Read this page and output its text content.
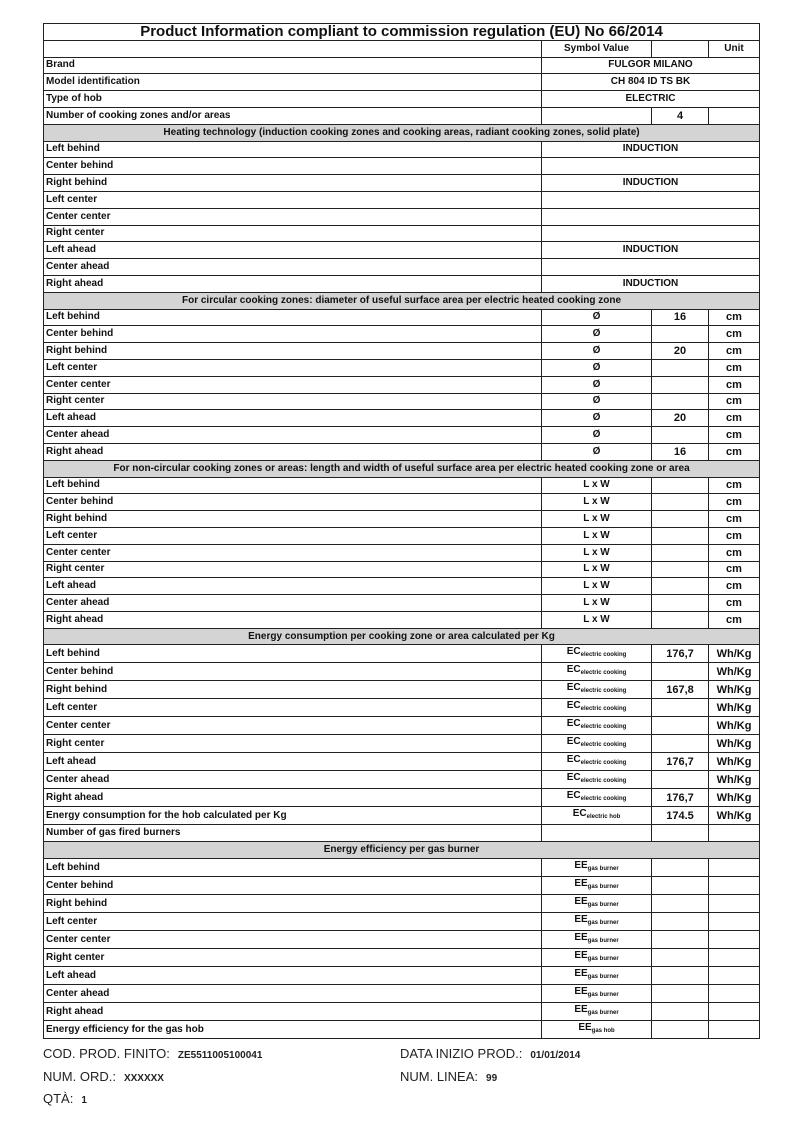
Product Information compliant to commission regulation (EU) No 66/2014			
	Symbol Value		Unit
Brand	FULGOR MILANO		
Model identification	CH 804 ID TS BK		
Type of hob	ELECTRIC		
Number of cooking zones and/or areas		4	
Heating technology (induction cooking zones and cooking areas, radiant cooking zones, solid plate)			
Left behind	INDUCTION		
Center behind			
Right behind	INDUCTION		
Left center			
Center center			
Right center			
Left ahead	INDUCTION		
Center ahead			
Right ahead	INDUCTION		
For circular cooking zones: diameter of useful surface area per electric heated cooking zone			
Left behind	Ø	16	cm
Center behind	Ø		cm
Right behind	Ø	20	cm
Left center	Ø		cm
Center center	Ø		cm
Right center	Ø		cm
Left ahead	Ø	20	cm
Center ahead	Ø		cm
Right ahead	Ø	16	cm
For non-circular cooking zones or areas: length and width of useful surface area per electric heated cooking zone or area			
Left behind	L x W		cm
Center behind	L x W		cm
Right behind	L x W		cm
Left center	L x W		cm
Center center	L x W		cm
Right center	L x W		cm
Left ahead	L x W		cm
Center ahead	L x W		cm
Right ahead	L x W		cm
Energy consumption per cooking zone or area calculated per Kg			
Left behind	$EC_{electric cooking}$	176,7	Wh/Kg
Center behind	$EC_{electric cooking}$		Wh/Kg
Right behind	$EC_{electric cooking}$	167,8	Wh/Kg
Left center	$EC_{electric cooking}$		Wh/Kg
Center center	$EC_{electric cooking}$		Wh/Kg
Right center	$EC_{electric cooking}$		Wh/Kg
Left ahead	$EC_{electric cooking}$	176,7	Wh/Kg
Center ahead	$EC_{electric cooking}$		Wh/Kg
Right ahead	$EC_{electric cooking}$	176,7	Wh/Kg
Energy consumption for the hob calculated per Kg	$EC_{electric hob}$	174.5	Wh/Kg
Number of gas fired burners			
Energy efficiency per gas burner			
Left behind	$EE_{gas burner}$		
Center behind	$EE_{gas burner}$		
Right behind	$EE_{gas burner}$		
Left center	$EE_{gas burner}$		
Center center	$EE_{gas burner}$		
Right center	$EE_{gas burner}$		
Left ahead	$EE_{gas burner}$		
Center ahead	$EE_{gas burner}$		
Right ahead	$EE_{gas burner}$		
Energy efficiency for the gas hob	$EE_{gas hob}$		
COD. PROD. FINITO: ZE5511005100041	DATA INIZIO PROD.: 01/01/2014
NUM. ORD.: XXXXXX	NUM. LINEA: 99
QTÀ: 1
